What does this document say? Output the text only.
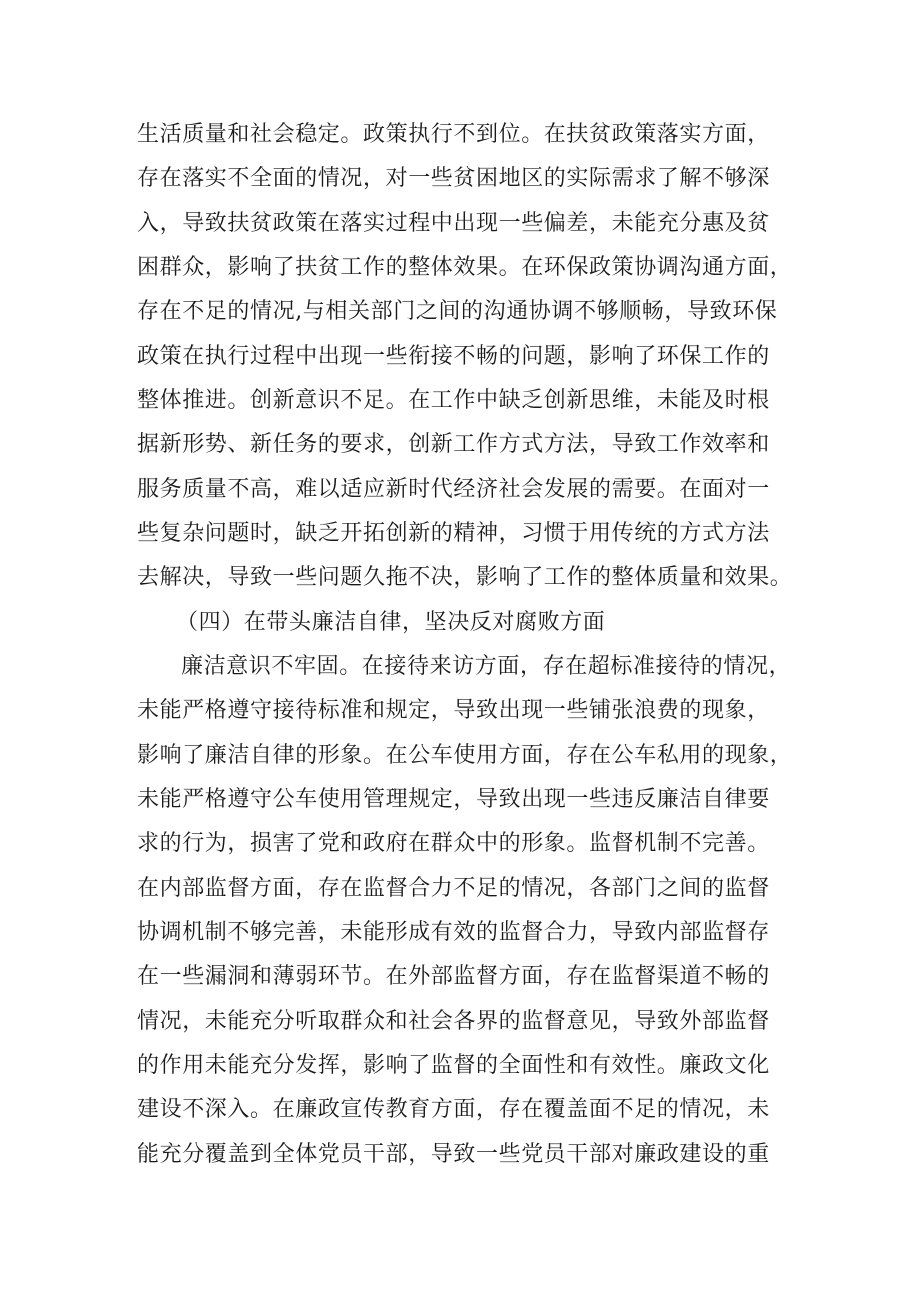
生活质量和社会稳定。政策执行不到位。在扶贫政策落实方面，
存在落实不全面的情况，对一些贫困地区的实际需求了解不够深
入，导致扶贫政策在落实过程中出现一些偏差，未能充分惠及贫
困群众，影响了扶贫工作的整体效果。在环保政策协调沟通方面，
存在不足的情况,与相关部门之间的沟通协调不够顺畅，导致环保
政策在执行过程中出现一些衔接不畅的问题，影响了环保工作的
整体推进。创新意识不足。在工作中缺乏创新思维，未能及时根
据新形势、新任务的要求，创新工作方式方法，导致工作效率和
服务质量不高，难以适应新时代经济社会发展的需要。在面对一
些复杂问题时，缺乏开拓创新的精神，习惯于用传统的方式方法
去解决，导致一些问题久拖不决，影响了工作的整体质量和效果。
（四）在带头廉洁自律，坚决反对腐败方面
廉洁意识不牢固。在接待来访方面，存在超标准接待的情况，
未能严格遵守接待标准和规定，导致出现一些铺张浪费的现象，
影响了廉洁自律的形象。在公车使用方面，存在公车私用的现象，
未能严格遵守公车使用管理规定，导致出现一些违反廉洁自律要
求的行为，损害了党和政府在群众中的形象。监督机制不完善。
在内部监督方面，存在监督合力不足的情况，各部门之间的监督
协调机制不够完善，未能形成有效的监督合力，导致内部监督存
在一些漏洞和薄弱环节。在外部监督方面，存在监督渠道不畅的
情况，未能充分听取群众和社会各界的监督意见，导致外部监督
的作用未能充分发挥，影响了监督的全面性和有效性。廉政文化
建设不深入。在廉政宣传教育方面，存在覆盖面不足的情况，未
能充分覆盖到全体党员干部，导致一些党员干部对廉政建设的重
